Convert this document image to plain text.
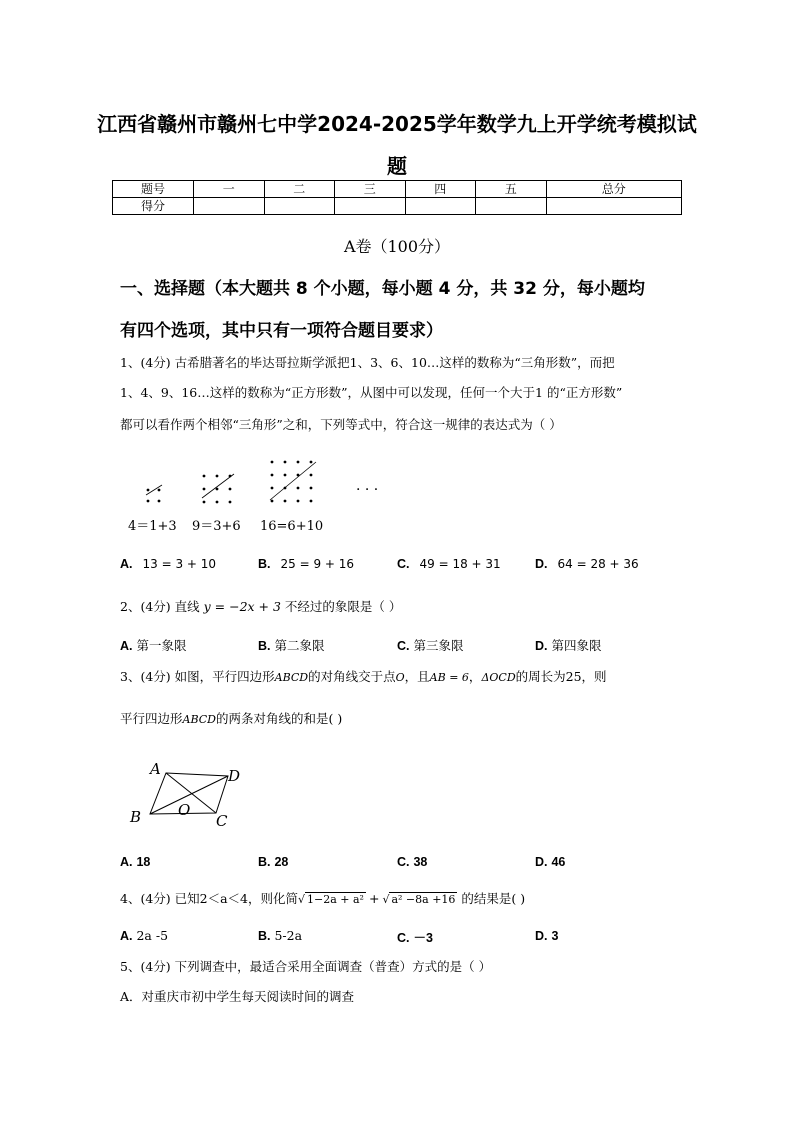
江西省赣州市赣州七中学2024-2025学年数学九上开学统考模拟试
题
题号	一	二	三	四	五	总分
得分						
A卷（100分）
一、选择题（本大题共 8 个小题，每小题 4 分，共 32 分，每小题均
有四个选项，其中只有一项符合题目要求）
1、(4分) 古希腊著名的毕达哥拉斯学派把1、3、6、10…这样的数称为“三角形数”，而把
1、4、9、16…这样的数称为“正方形数”，从图中可以发现，任何一个大于1 的“正方形数”
都可以看作两个相邻“三角形”之和，下列等式中，符合这一规律的表达式为（ ）
· · ·
4＝1+3 9＝3+6 16=6+10
A. 13 = 3 + 10	B. 25 = 9 + 16	C. 49 = 18 + 31	D. 64 = 28 + 36
2、(4分) 直线 y = −2x + 3 不经过的象限是（ ）
A. 第一象限	B. 第二象限	C. 第三象限	D. 第四象限
3、(4分) 如图，平行四边形ABCD的对角线交于点O，且AB = 6，ΔOCD的周长为25，则
平行四边形ABCD的两条对角线的和是( )
A	D
B	C
O
A. 18	B. 28	C. 38	D. 46
4、(4分) 已知2＜a＜4，则化简√ 1−2a + a² + √ a² −8a +16 的结果是( )
A. 2a -5	B. 5-2a	C. －3	D. 3
5、(4分) 下列调查中，最适合采用全面调查（普查）方式的是（ ）
A．对重庆市初中学生每天阅读时间的调查
